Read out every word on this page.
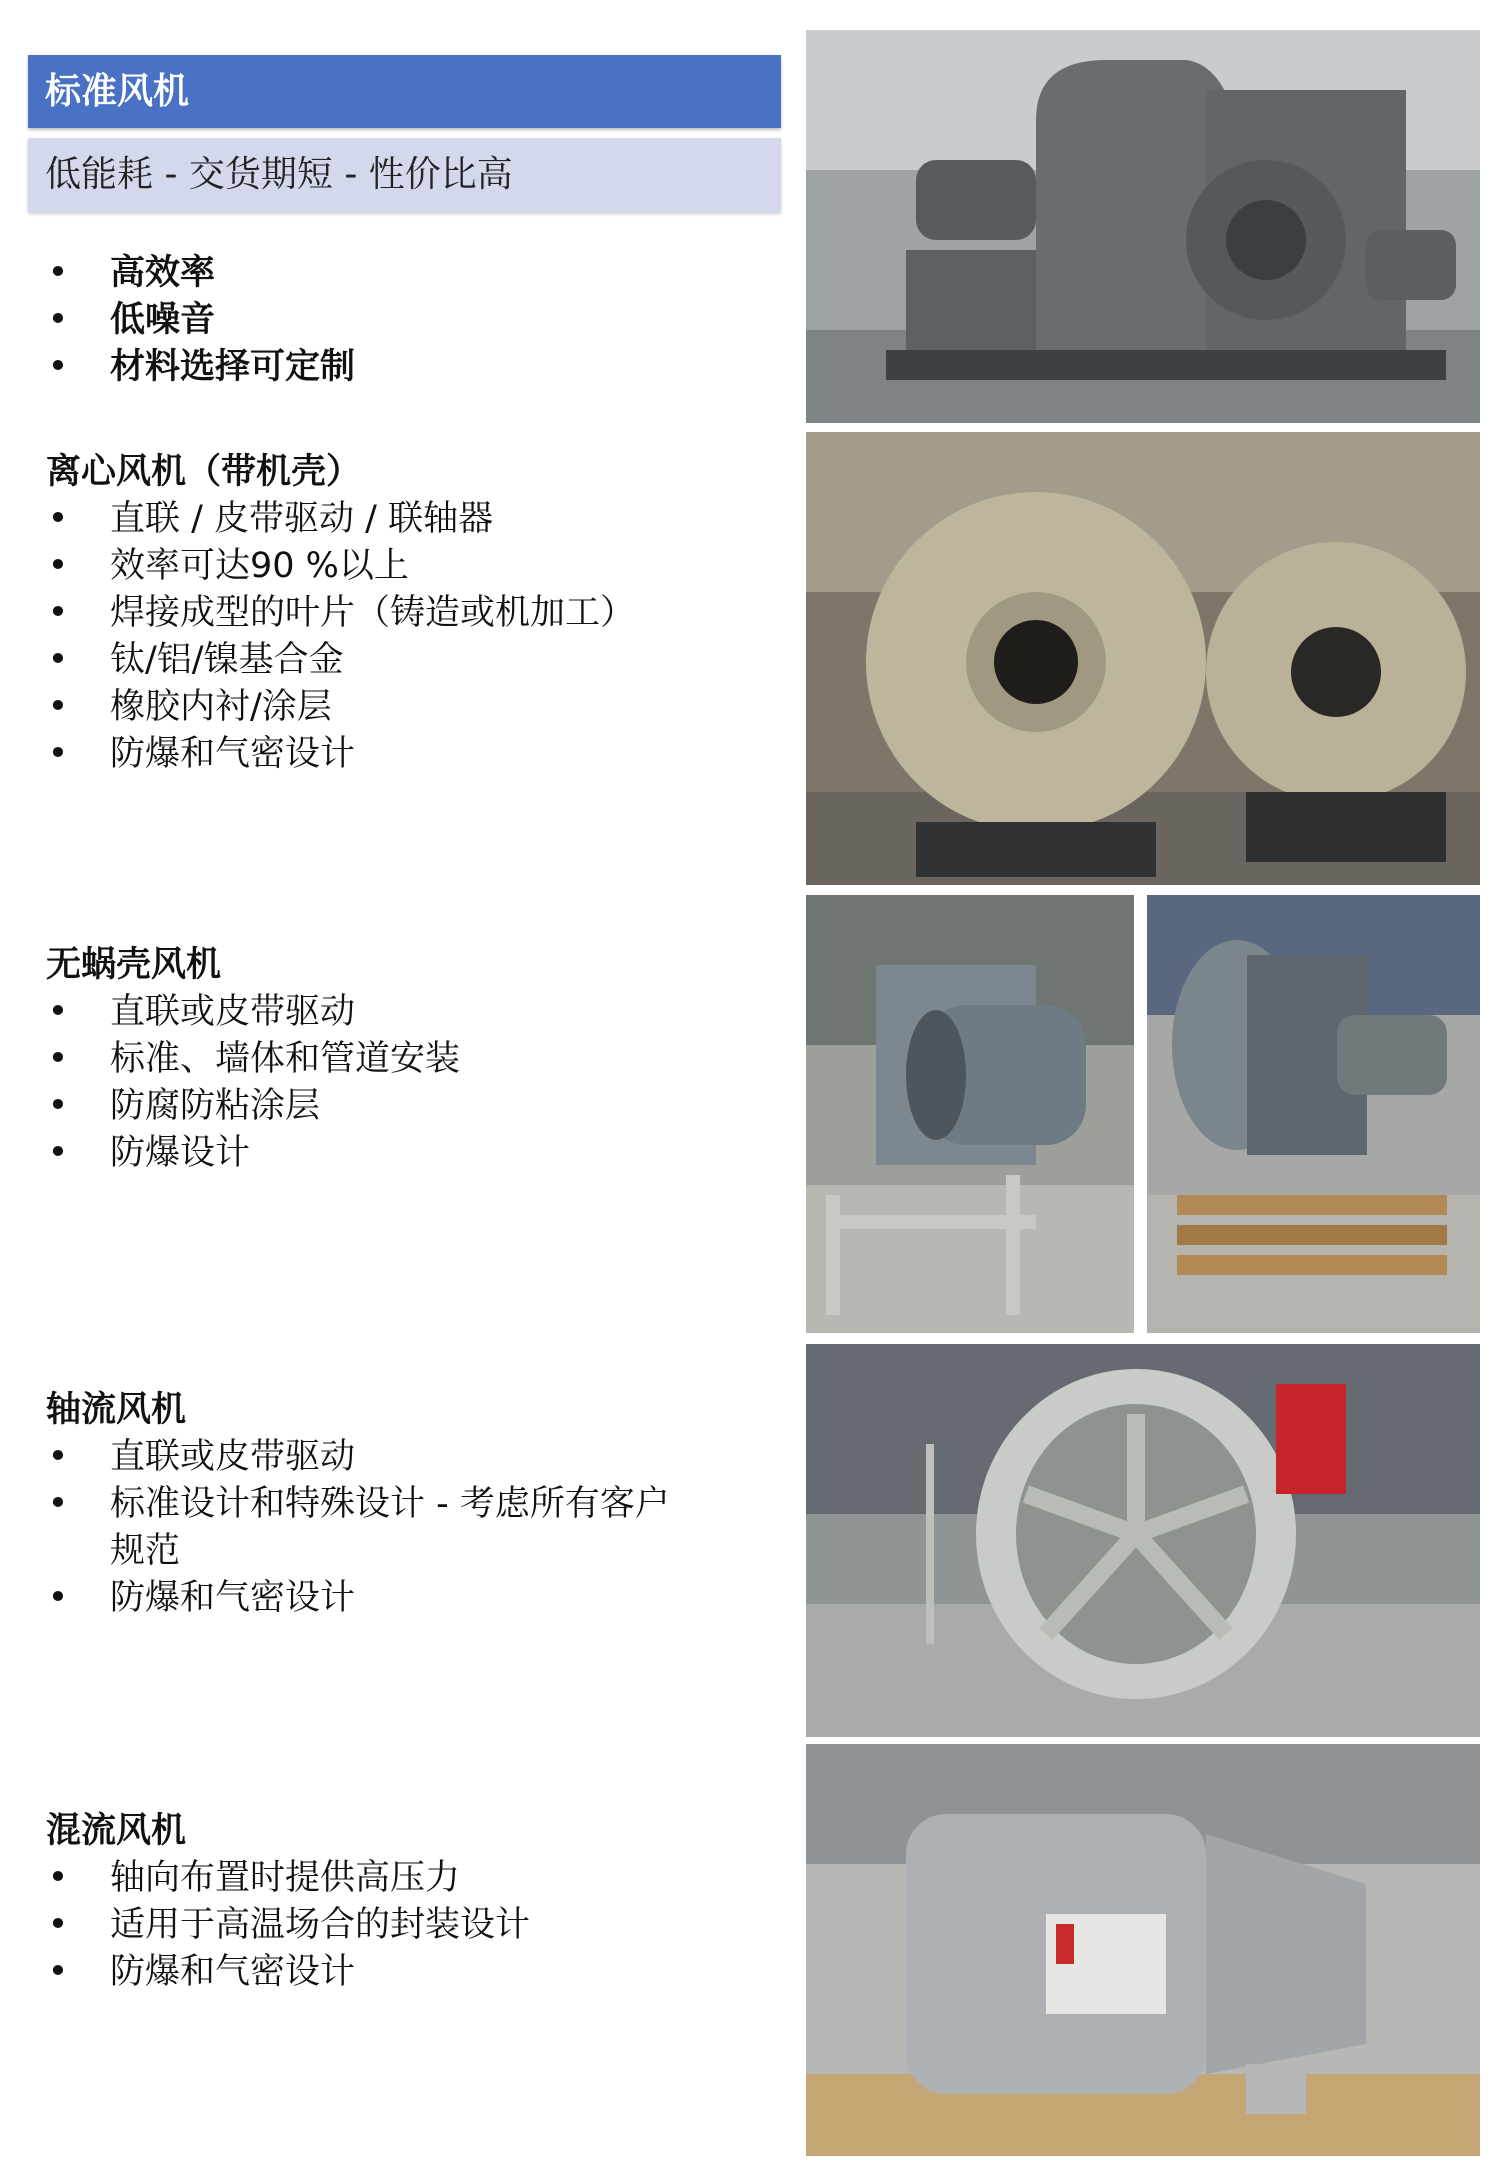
标准风机
低能耗 - 交货期短 - 性价比高
• 高效率
• 低噪音
• 材料选择可定制
离心风机（带机壳）
• 直联 / 皮带驱动 / 联轴器
• 效率可达90 %以上
• 焊接成型的叶片（铸造或机加工）
• 钛/铝/镍基合金
• 橡胶内衬/涂层
• 防爆和气密设计
无蜗壳风机
• 直联或皮带驱动
• 标准、墙体和管道安装
• 防腐防粘涂层
• 防爆设计
轴流风机
• 直联或皮带驱动
• 标准设计和特殊设计 - 考虑所有客户
规范
• 防爆和气密设计
混流风机
• 轴向布置时提供高压力
• 适用于高温场合的封装设计
• 防爆和气密设计
